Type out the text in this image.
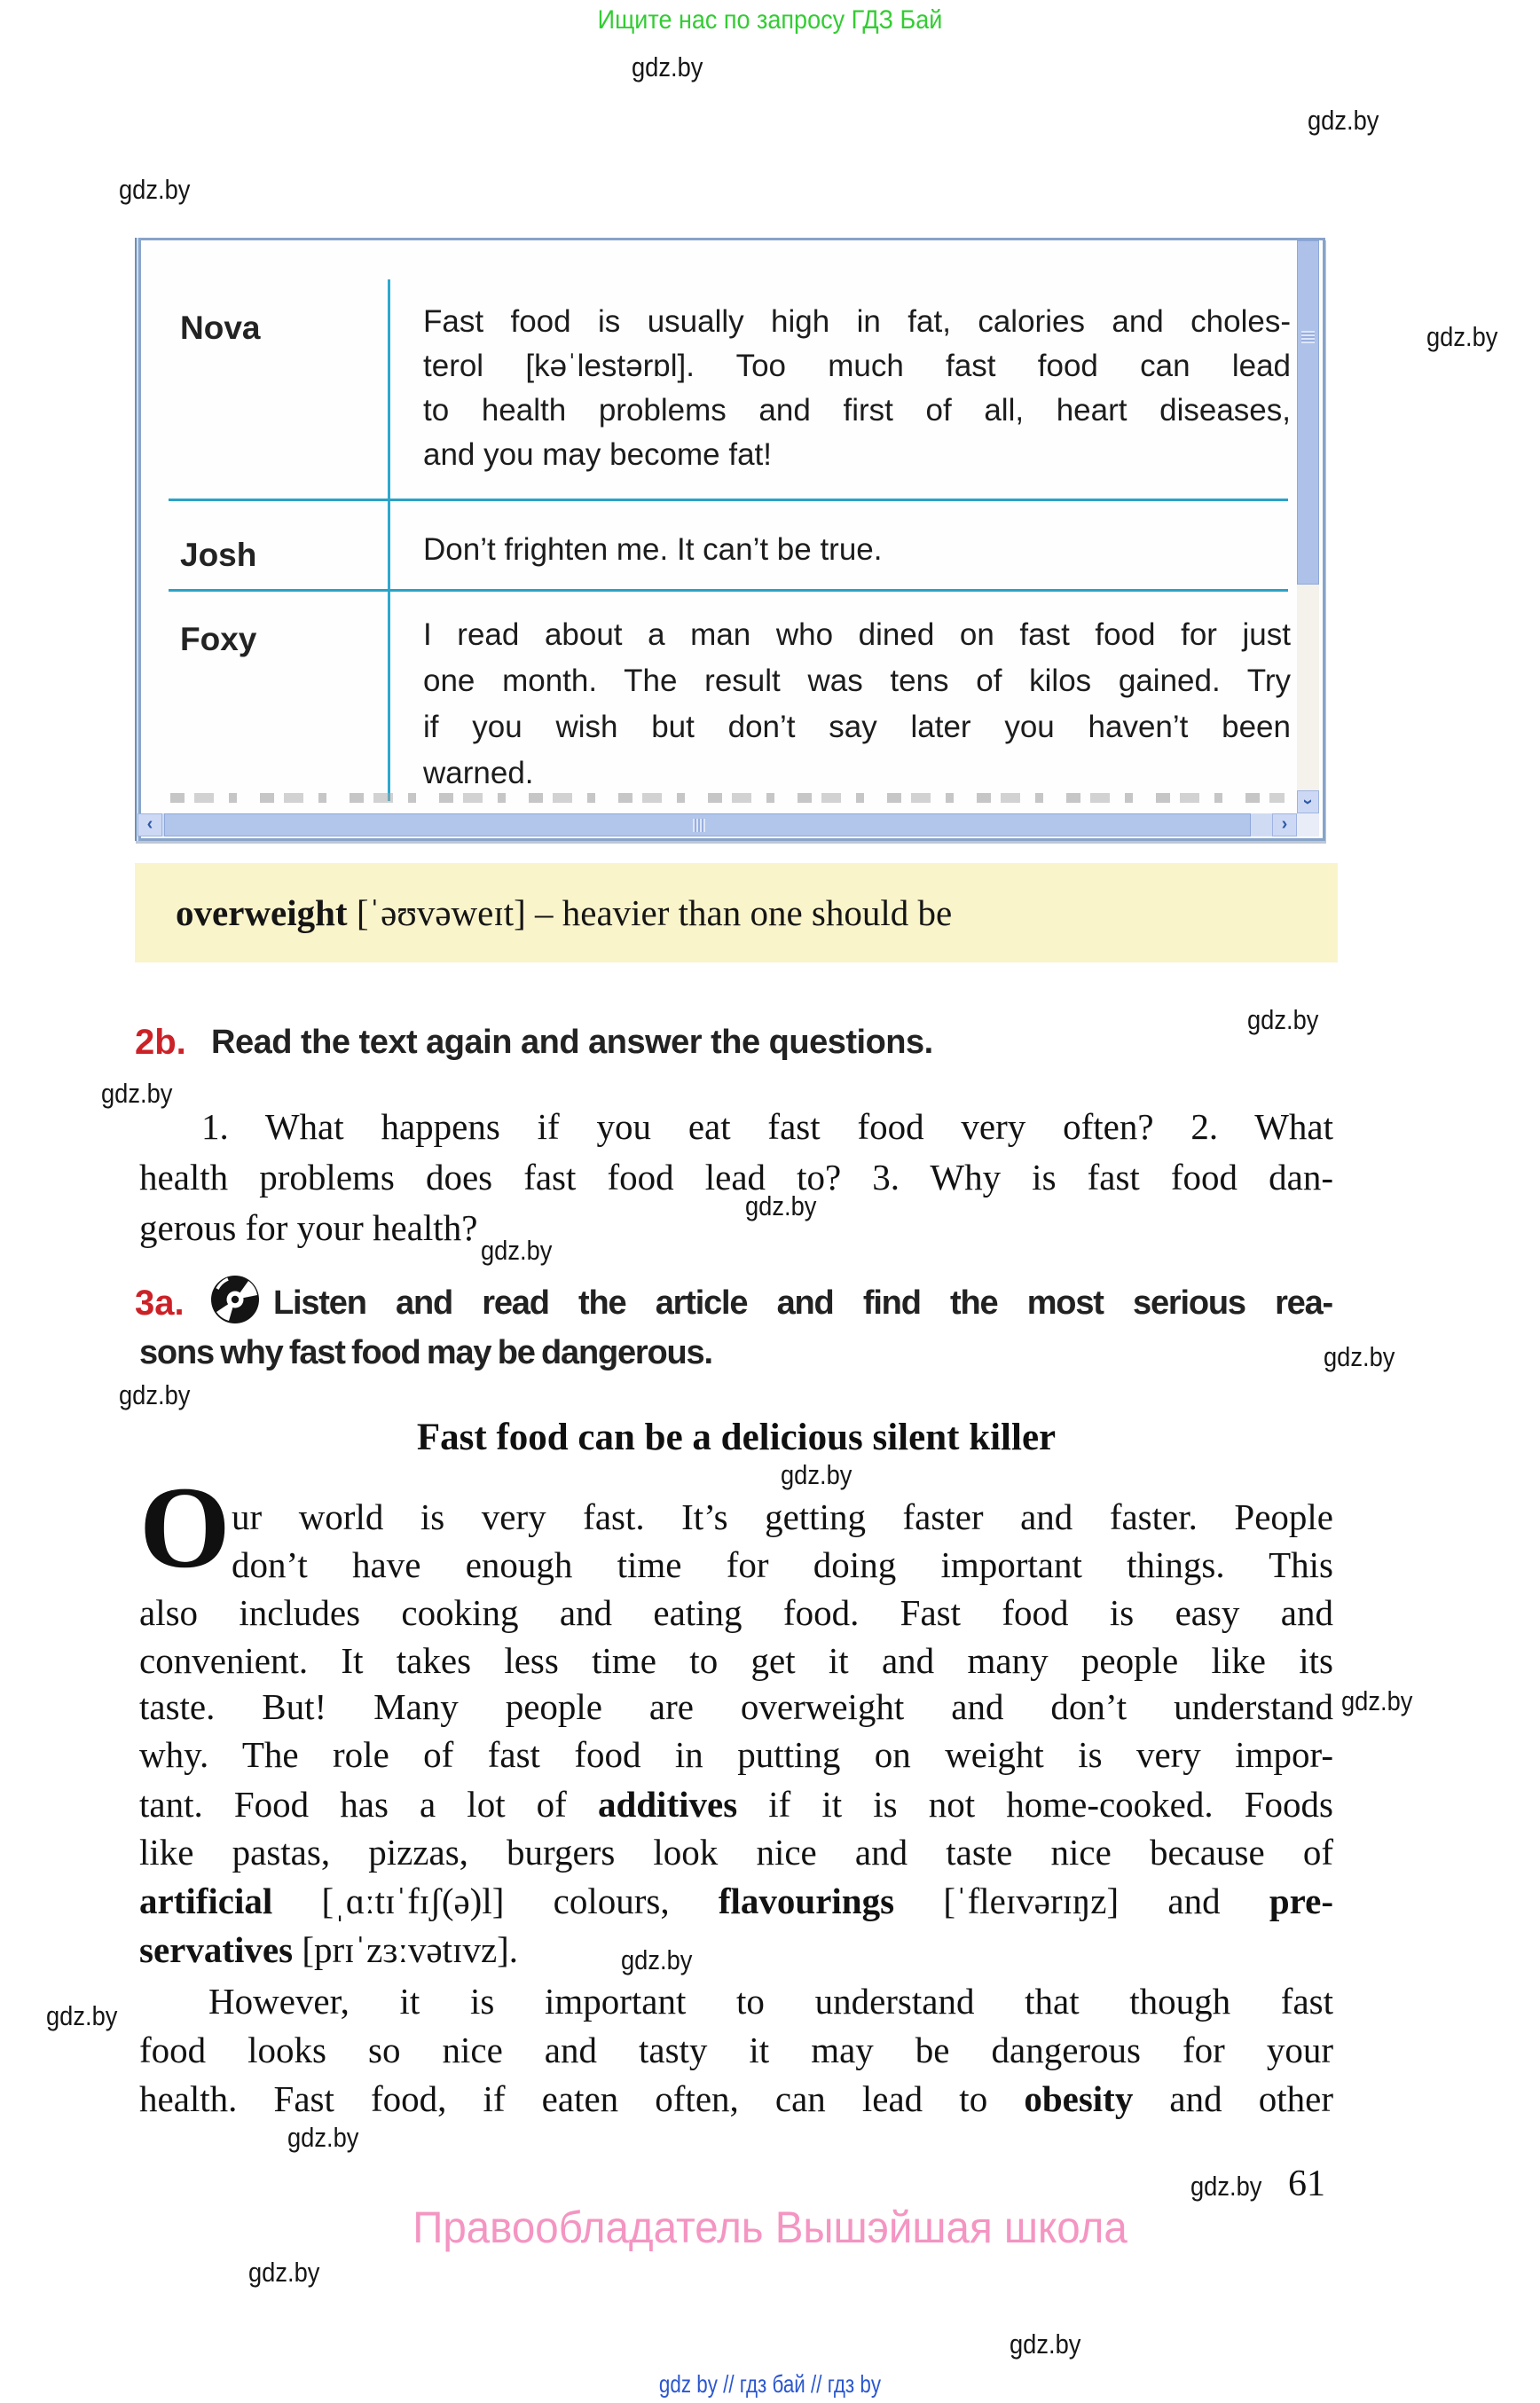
Ищите нас по запросу ГДЗ Бай
gdz.by
gdz.by
gdz.by
gdz.by
gdz.by
gdz.by
gdz.by
gdz.by
gdz.by
gdz.by
gdz.by
gdz.by
gdz.by
gdz.by
gdz.by
gdz.by
gdz.by
gdz.by
Nova
Josh
Foxy
Fast food is usually high in fat, calories and choles-
terol [kəˈlestərɒl]. Too much fast food can lead
to health problems and first of all, heart diseases,
and you may become fat!
Don’t frighten me. It can’t be true.
I read about a man who dined on fast food for just
one month. The result was tens of kilos gained. Try
if you wish but don’t say later you haven’t been
warned.
›
‹	›
overweight [ˈəʊvəweɪt] – heavier than one should be
2b. Read the text again and answer the questions.
1. What happens if you eat fast food very often? 2. What
health problems does fast food lead to? 3. Why is fast food dan-
gerous for your health?
3a.	Listen and read the article and find the most serious rea-
sons why fast food may be dangerous.
Fast food can be a delicious silent killer
O ur world is very fast. It’s getting faster and faster. People
don’t have enough time for doing important things. This
also includes cooking and eating food. Fast food is easy and
convenient. It takes less time to get it and many people like its
taste. But! Many people are overweight and don’t understand
why. The role of fast food in putting on weight is very impor-
tant. Food has a lot of additives if it is not home-cooked. Foods
like pastas, pizzas, burgers look nice and taste nice because of
artificial [ˌɑːtɪˈfɪʃ(ə)l] colours, flavourings [ˈfleɪvərɪŋz] and pre-
servatives [prɪˈzɜːvətɪvz].
However, it is important to understand that though fast
food looks so nice and tasty it may be dangerous for your
health. Fast food, if eaten often, can lead to obesity and other
61
Правообладатель Вышэйшая школа
gdz by // гдз бай // гдз by
